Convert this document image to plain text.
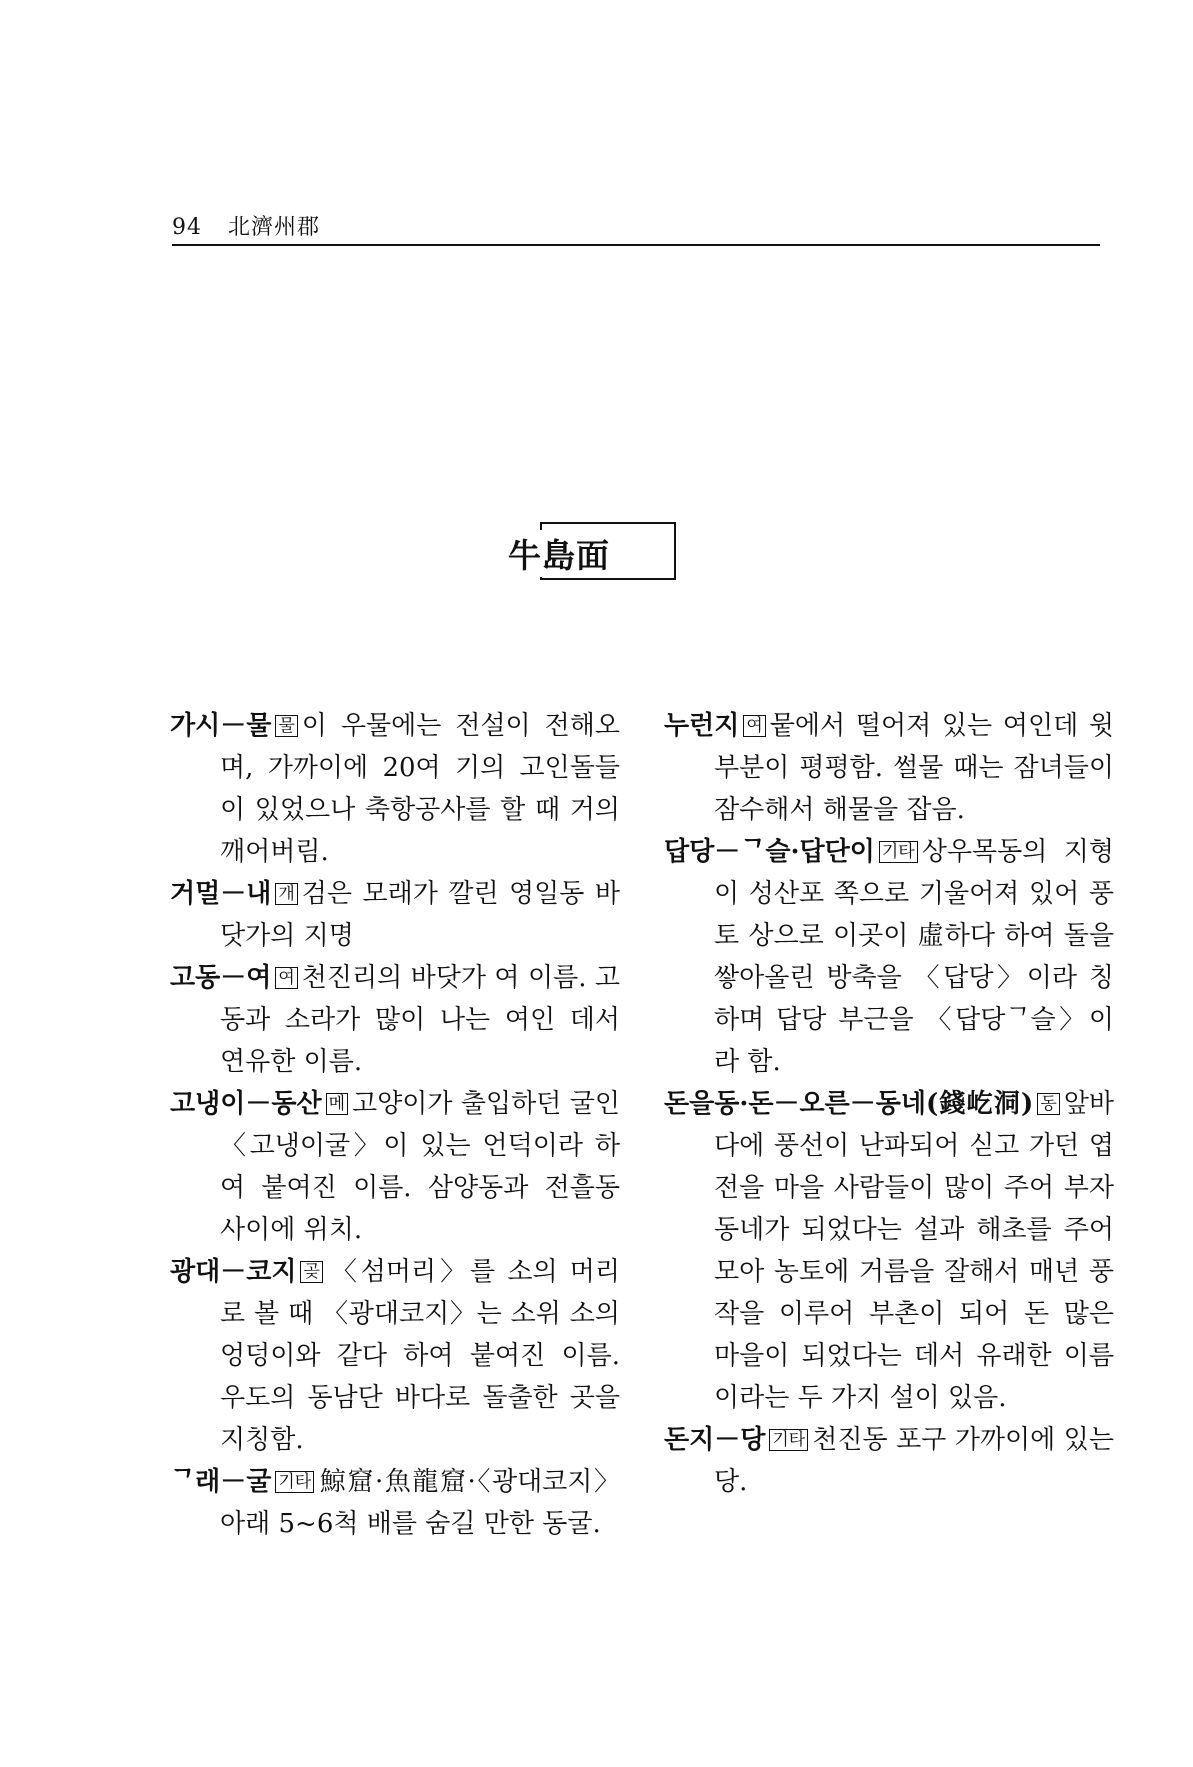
94 北濟州郡
牛島面

가시－물 물 이 우물에는 전설이 전해오며, 가까이에 20여 기의 고인돌들이 있었으나 축항공사를 할 때 거의 깨어버림.

거멀－내 개 검은 모래가 깔린 영일동 바닷가의 지명

고동－여 여 천진리의 바닷가 여 이름. 고동과 소라가 많이 나는 여인 데서 연유한 이름.

고냉이－동산 메 고양이가 출입하던 굴인 〈고냉이굴〉이 있는 언덕이라 하여 붙여진 이름. 삼양동과 전흘동 사이에 위치.

광대－코지 곶 〈섬머리〉를 소의 머리로 볼 때 〈광대코지〉는 소위 소의 엉덩이와 같다 하여 붙여진 이름. 우도의 동남단 바다로 돌출한 곳을 지칭함.

ᄀ래－굴 기타 鯨窟·魚龍窟·〈광대코지〉아래 5~6척 배를 숨길 만한 동굴.

누런지 여 뭍에서 떨어져 있는 여인데 윗부분이 평평함. 썰물 때는 잠녀들이 잠수해서 해물을 잡음.

답당－ᄀ슬·답단이 기타 상우목동의 지형이 성산포 쪽으로 기울어져 있어 풍토 상으로 이곳이 虛하다 하여 돌을 쌓아올린 방축을 〈답당〉이라 칭하며 답당 부근을 〈답당ᄀ슬〉이라 함.

돈을동·돈－오른－동네(錢屹洞) 동 앞바다에 풍선이 난파되어 싣고 가던 엽전을 마을 사람들이 많이 주어 부자 동네가 되었다는 설과 해초를 주어 모아 농토에 거름을 잘해서 매년 풍작을 이루어 부촌이 되어 돈 많은 마을이 되었다는 데서 유래한 이름이라는 두 가지 설이 있음.

돈지－당 기타 천진동 포구 가까이에 있는 당.
